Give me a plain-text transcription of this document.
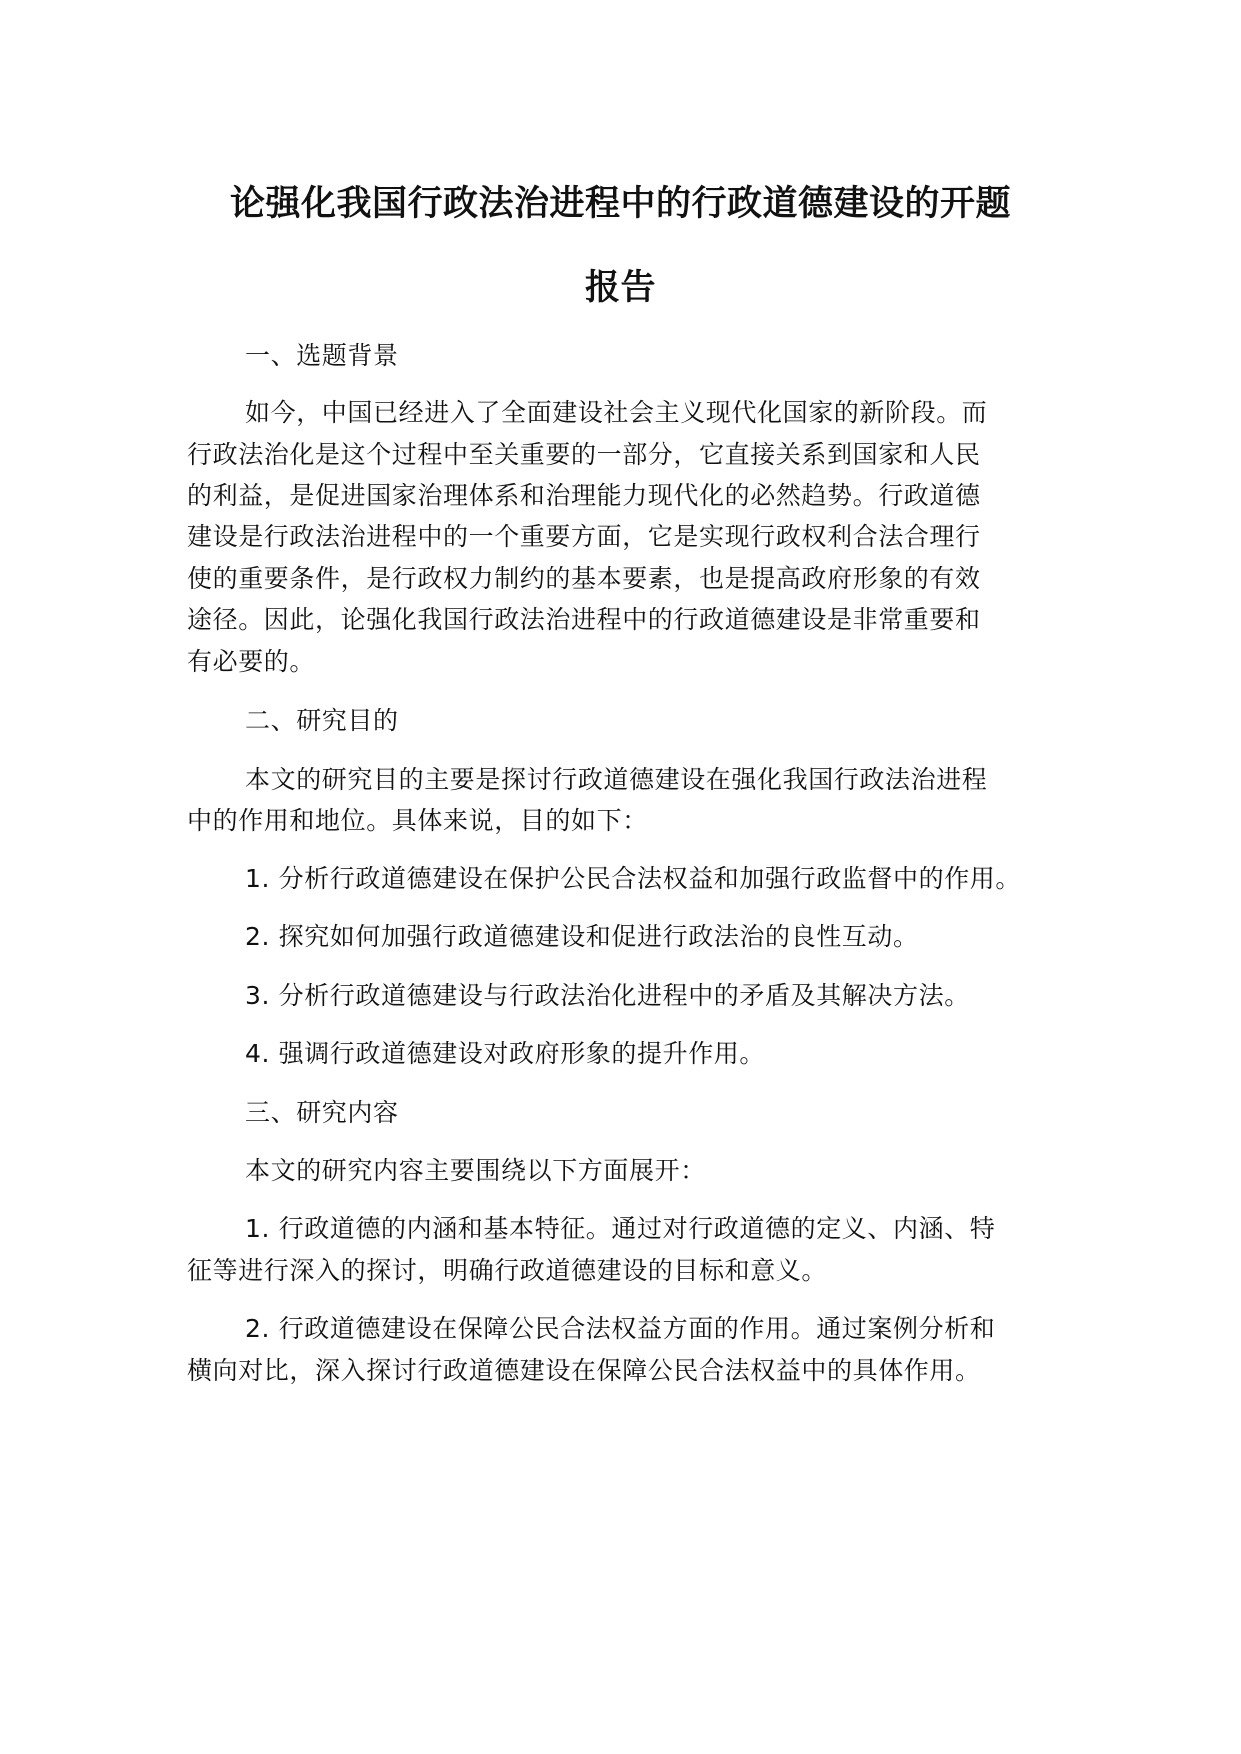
论强化我国行政法治进程中的行政道德建设的开题
报告
一、选题背景
如今，中国已经进入了全面建设社会主义现代化国家的新阶段。而
行政法治化是这个过程中至关重要的一部分，它直接关系到国家和人民
的利益，是促进国家治理体系和治理能力现代化的必然趋势。行政道德
建设是行政法治进程中的一个重要方面，它是实现行政权利合法合理行
使的重要条件，是行政权力制约的基本要素，也是提高政府形象的有效
途径。因此，论强化我国行政法治进程中的行政道德建设是非常重要和
有必要的。
二、研究目的
本文的研究目的主要是探讨行政道德建设在强化我国行政法治进程
中的作用和地位。具体来说，目的如下：
1. 分析行政道德建设在保护公民合法权益和加强行政监督中的作用。
2. 探究如何加强行政道德建设和促进行政法治的良性互动。
3. 分析行政道德建设与行政法治化进程中的矛盾及其解决方法。
4. 强调行政道德建设对政府形象的提升作用。
三、研究内容
本文的研究内容主要围绕以下方面展开：
1. 行政道德的内涵和基本特征。通过对行政道德的定义、内涵、特
征等进行深入的探讨，明确行政道德建设的目标和意义。
2. 行政道德建设在保障公民合法权益方面的作用。通过案例分析和
横向对比，深入探讨行政道德建设在保障公民合法权益中的具体作用。
